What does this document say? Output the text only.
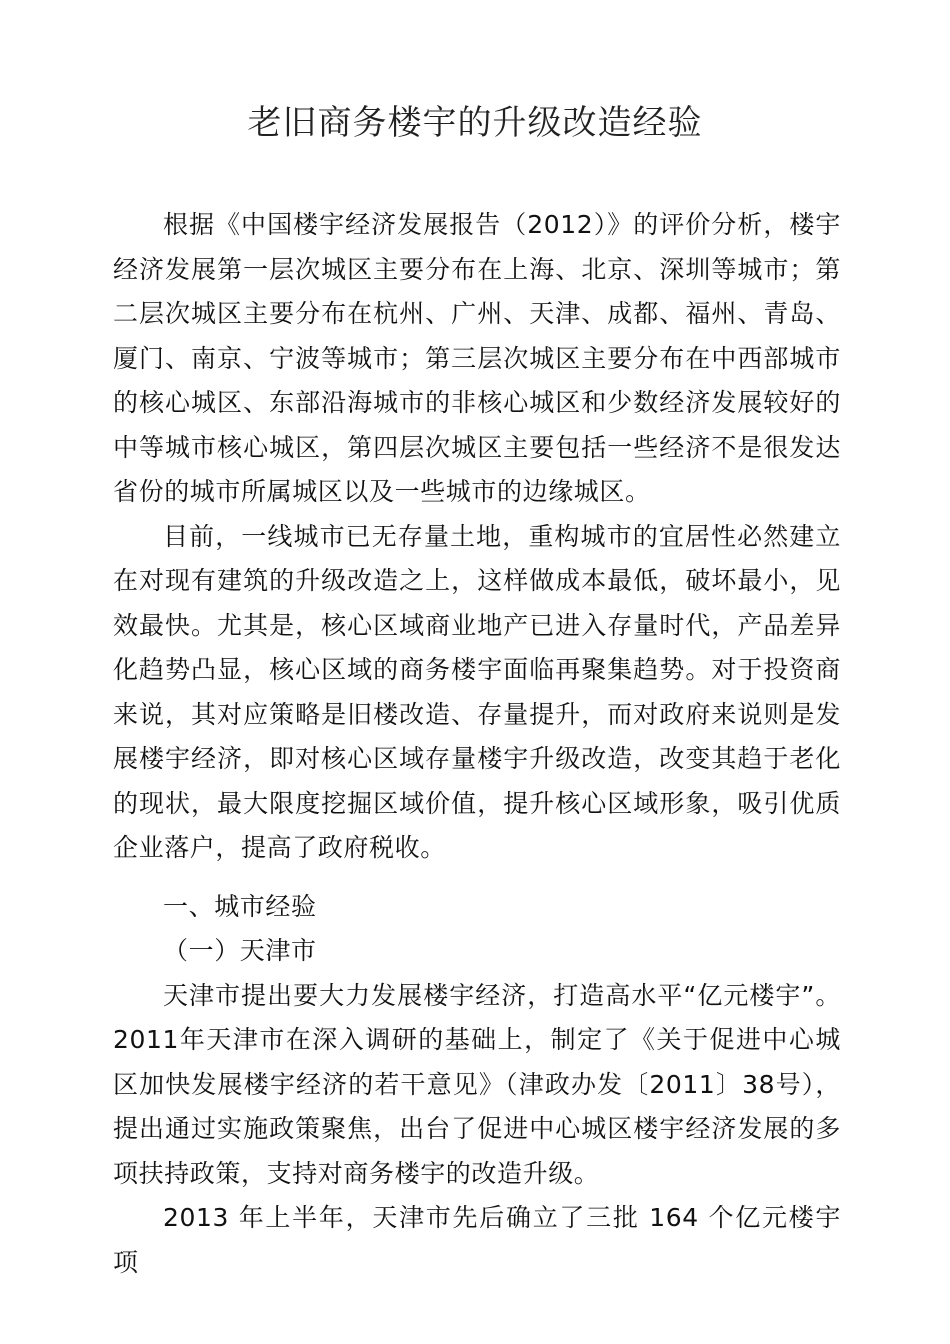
老旧商务楼宇的升级改造经验

根据《中国楼宇经济发展报告（2012）》的评价分析，楼宇经济发展第一层次城区主要分布在上海、北京、深圳等城市；第二层次城区主要分布在杭州、广州、天津、成都、福州、青岛、厦门、南京、宁波等城市；第三层次城区主要分布在中西部城市的核心城区、东部沿海城市的非核心城区和少数经济发展较好的中等城市核心城区，第四层次城区主要包括一些经济不是很发达省份的城市所属城区以及一些城市的边缘城区。

目前，一线城市已无存量土地，重构城市的宜居性必然建立在对现有建筑的升级改造之上，这样做成本最低，破坏最小，见效最快。尤其是，核心区域商业地产已进入存量时代，产品差异化趋势凸显，核心区域的商务楼宇面临再聚集趋势。对于投资商来说，其对应策略是旧楼改造、存量提升，而对政府来说则是发展楼宇经济，即对核心区域存量楼宇升级改造，改变其趋于老化的现状，最大限度挖掘区域价值，提升核心区域形象，吸引优质企业落户，提高了政府税收。

一、城市经验

（一）天津市

天津市提出要大力发展楼宇经济，打造高水平“亿元楼宇”。2011年天津市在深入调研的基础上，制定了《关于促进中心城区加快发展楼宇经济的若干意见》（津政办发〔2011〕38号），提出通过实施政策聚焦，出台了促进中心城区楼宇经济发展的多项扶持政策，支持对商务楼宇的改造升级。

2013 年上半年，天津市先后确立了三批 164 个亿元楼宇项
